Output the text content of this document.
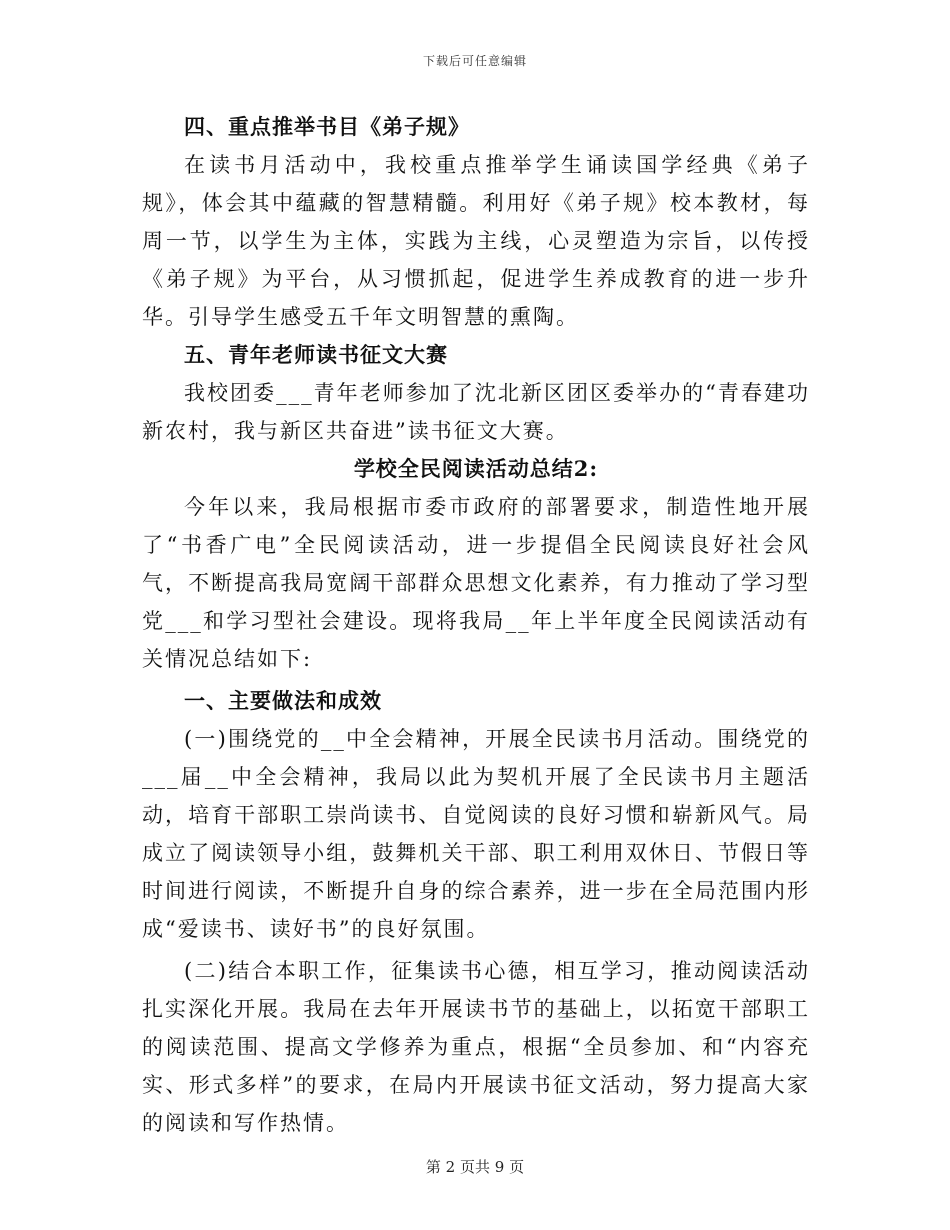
下载后可任意编辑

四、重点推举书目《弟子规》

在读书月活动中，我校重点推举学生诵读国学经典《弟子规》，体会其中蕴藏的智慧精髓。利用好《弟子规》校本教材，每周一节，以学生为主体，实践为主线，心灵塑造为宗旨，以传授《弟子规》为平台，从习惯抓起，促进学生养成教育的进一步升华。引导学生感受五千年文明智慧的熏陶。

五、青年老师读书征文大赛

我校团委___青年老师参加了沈北新区团区委举办的“青春建功新农村，我与新区共奋进”读书征文大赛。

学校全民阅读活动总结2:

今年以来，我局根据市委市政府的部署要求，制造性地开展了“书香广电”全民阅读活动，进一步提倡全民阅读良好社会风气，不断提高我局宽阔干部群众思想文化素养，有力推动了学习型党___和学习型社会建设。现将我局__年上半年度全民阅读活动有关情况总结如下:

一、主要做法和成效

(一)围绕党的__中全会精神，开展全民读书月活动。围绕党的___届__中全会精神，我局以此为契机开展了全民读书月主题活动，培育干部职工崇尚读书、自觉阅读的良好习惯和崭新风气。局成立了阅读领导小组，鼓舞机关干部、职工利用双休日、节假日等时间进行阅读，不断提升自身的综合素养，进一步在全局范围内形成“爱读书、读好书”的良好氛围。

(二)结合本职工作，征集读书心德，相互学习，推动阅读活动扎实深化开展。我局在去年开展读书节的基础上，以拓宽干部职工的阅读范围、提高文学修养为重点，根据“全员参加、和“内容充实、形式多样”的要求，在局内开展读书征文活动，努力提高大家的阅读和写作热情。

第 2 页共 9 页
